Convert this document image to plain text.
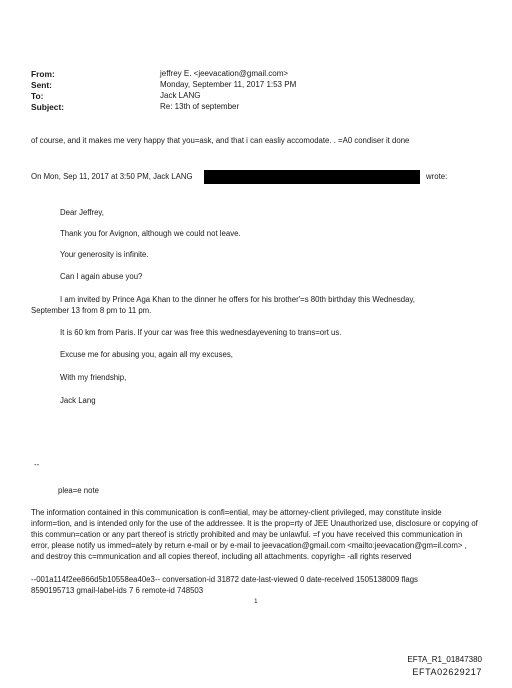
From:	jeffrey E. <jeevacation@gmail.com>
Sent:	Monday, September 11, 2017 1:53 PM
To:	Jack LANG
Subject:	Re: 13th of september
of course, and it makes me very happy that you=ask, and that i can easliy accomodate. . =A0 condiser it done
On Mon, Sep 11, 2017 at 3:50 PM, Jack LANG	wrote:
Dear Jeffrey,
Thank you for Avignon, although we could not leave.
Your generosity is infinite.
Can I again abuse you?
I am invited by Prince Aga Khan to the dinner he offers for his brother'=s 80th birthday this Wednesday,
September 13 from 8 pm to 11 pm.
It is 60 km from Paris. If your car was free this wednesdayevening to trans=ort us.
Excuse me for abusing you, again all my excuses,
With my friendship,
Jack Lang
--
plea=e note
The information contained in this communication is confi=ential, may be attorney-client privileged, may constitute inside inform=tion, and is intended only for the use of the addressee. It is the prop=rty of JEE Unauthorized use, disclosure or copying of this commun=cation or any part thereof is strictly prohibited and may be unlawful. =f you have received this communication in error, please notify us immed=ately by return e-mail or by e-mail to jeevacation@gmail.com <mailto:jeevacation@gm=il.com> , and destroy this c=mmunication and all copies thereof, including all attachments. copyrigh= -all rights reserved
--001a114f2ee866d5b10558ea40e3-- conversation-id 31872 date-last-viewed 0 date-received 1505138009 flags 8590195713 gmail-label-ids 7 6 remote-id 748503
1
EFTA_R1_01847380
EFTA02629217
